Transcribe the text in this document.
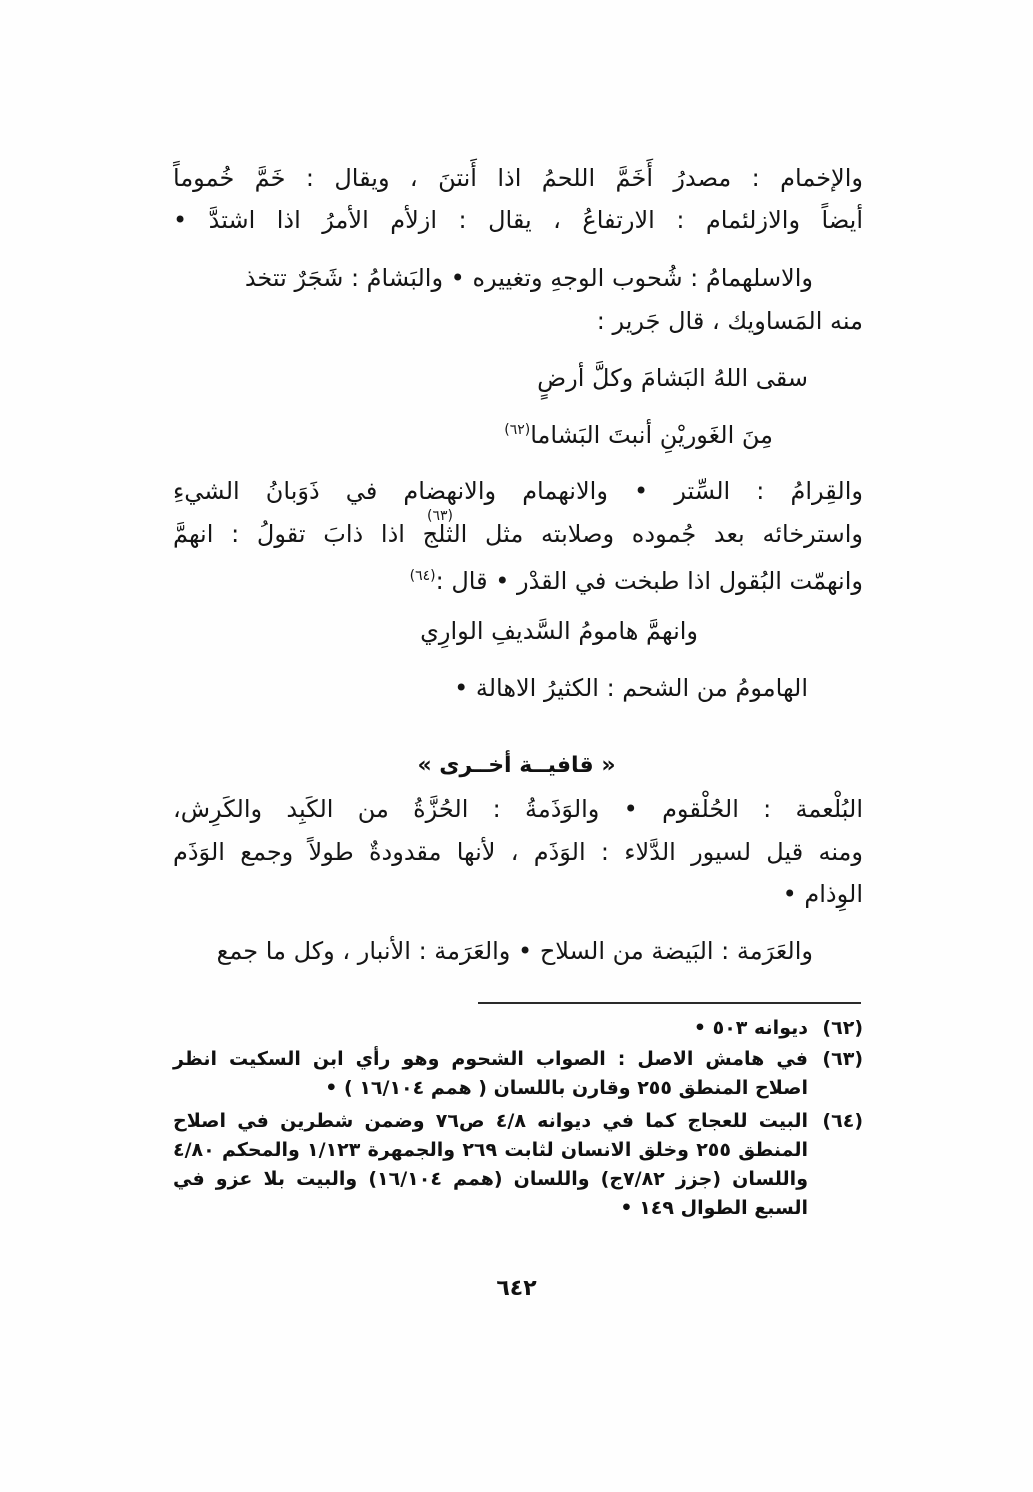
والإخمام : مصدرُ أَخَمَّ اللحمُ اذا أَنتنَ ، ويقال : خَمَّ خُموماً
أيضاً والازلئمام : الارتفاعُ ، يقال : ازلأم الأمرُ اذا اشتدَّ •
والاسلهمامُ : شُحوب الوجهِ وتغييره • والبَشامُ : شَجَرٌ تتخذ
منه المَساويك ، قال جَرير :
سقى اللهُ البَشامَ وكلَّ أرضٍ
مِنَ الغَوريْنِ أنبتَ البَشاما$^{(٦٢)}$
والقِرامُ : السِّتر • والانهمام والانهضام في ذَوَبانُ الشيءِ
واسترخائه بعد جُموده وصلابته مثل الثلج اذا ذابَ تقولُ : انهمَّ
وانهمّت البُقول اذا طبخت في القدْر • قال :$^{(٦٤)}$
(٦٣)
وانهمَّ هامومُ السَّديفِ الوارِي
الهامومُ من الشحم : الكثيرُ الاهالة •
« قافيــة أخــرى »
البُلْعمة : الحُلْقوم • والوَذَمةُ : الحُزَّةُ من الكَبِد والكَرِش،
ومنه قيل لسيور الدَّلاء : الوَذَم ، لأنها مقدودةٌ طولاً وجمع الوَذَم
الوِذام •
والعَرَمة : البَيضة من السلاح • والعَرَمة : الأنبار ، وكل ما جمع
(٦٢)
ديوانه ٥٠٣ •
(٦٣)
في هامش الاصل : الصواب الشحوم وهو رأي ابن السكيت انظر اصلاح المنطق ٢٥٥ وقارن باللسان ( همم ١٦/١٠٤ ) •
(٦٤)
البيت للعجاج كما في ديوانه ٤/٨ ص٧٦ وضمن شطرين في اصلاح المنطق ٢٥٥ وخلق الانسان لثابت ٢٦٩ والجمهرة ١/١٢٣ والمحكم ٤/٨٠ واللسان (جزز ٧/٨٢ج) واللسان (همم ١٦/١٠٤) والبيت بلا عزو في السبع الطوال ١٤٩ •
٦٤٢
